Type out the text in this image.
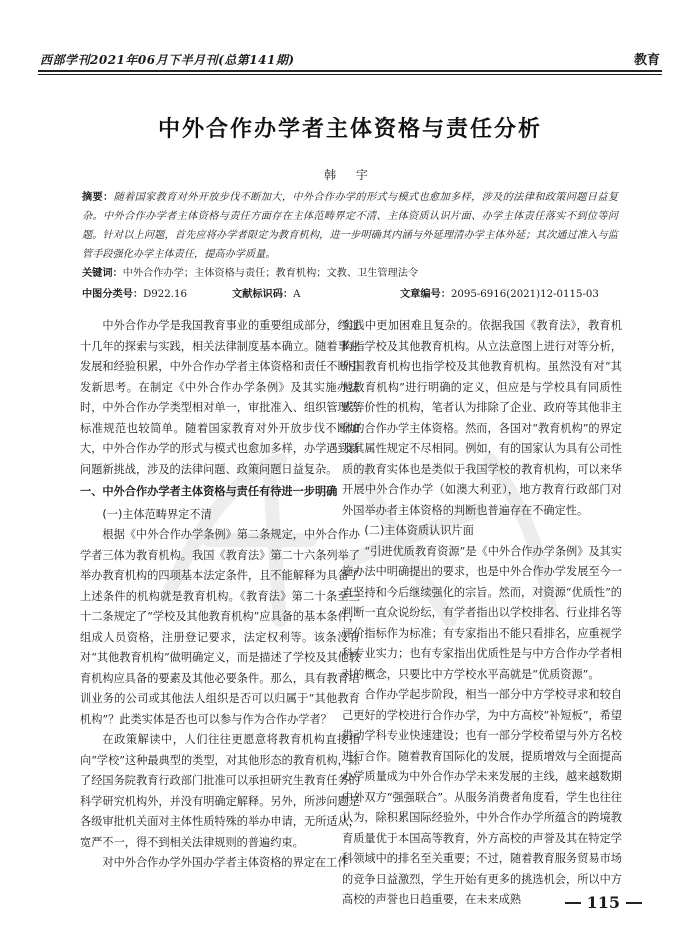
西部学刊2021年06月下半月刊(总第141期)	教育
中外合作办学者主体资格与责任分析
韩 宇
摘要：随着国家教育对外开放步伐不断加大，中外合作办学的形式与模式也愈加多样，涉及的法律和政策问题日益复杂。中外合作办学者主体资格与责任方面存在主体范畴界定不清、主体资质认识片面、办学主体责任落实不到位等问题。针对以上问题，首先应将办学者限定为教育机构，进一步明确其内涵与外延理清办学主体外延；其次通过准入与监管手段强化办学主体责任，提高办学质量。
关键词：中外合作办学；主体资格与责任；教育机构；文教、卫生管理法令
中图分类号：D922.16	文献标识码：A	文章编号：2095-6916(2021)12-0115-03

中外合作办学是我国教育事业的重要组成部分，经过十几年的探索与实践，相关法律制度基本确立。随着事业发展和经验积累，中外合作办学者主体资格和责任不断引发新思考。在制定《中外合作办学条例》及其实施办法时，中外合作办学类型相对单一，审批准入、组织管理等标准规范也较简单。随着国家教育对外开放步伐不断加大，中外合作办学的形式与模式也愈加多样，办学遇到新问题新挑战，涉及的法律问题、政策问题日益复杂。

一、中外合作办学者主体资格与责任有待进一步明确
(一)主体范畴界定不清

根据《中外合作办学条例》第二条规定，中外合作办学者三体为教育机构。我国《教育法》第二十六条列举了举办教育机构的四项基本法定条件，且不能解释为具备了上述条件的机构就是教育机构。《教育法》第二十条至三十二条规定了“学校及其他教育机构”应具备的基本条件，组成人员资格，注册登记要求，法定权利等。该条没有对“其他教育机构”做明确定义，而是描述了学校及其他教育机构应具备的要素及其他必要条件。那么，具有教育培训业务的公司或其他法人组织是否可以归属于“其他教育机构”？此类实体是否也可以参与作为合作办学者？

在政策解读中，人们往往更愿意将教育机构直接指向“学校”这种最典型的类型，对其他形态的教育机构，除了经国务院教育行政部门批准可以承担研究生教育任务的科学研究机构外，并没有明确定解释。另外，所涉问题是各级审批机关面对主体性质特殊的举办申请，无所适从，宽严不一，得不到相关法律规则的普遍约束。

对中外合作办学外国办学者主体资格的界定在工作

实践中更加困难且复杂的。依据我国《教育法》，教育机构指学校及其他教育机构。从立法意图上进行对等分析，外国教育机构也指学校及其他教育机构。虽然没有对“其他教育机构”进行明确的定义，但应是与学校具有同质性或等价性的机构，笔者认为排除了企业、政府等其他非主体的合作办学主体资格。然而，各国对“教育机构”的界定及其属性规定不尽相同。例如，有的国家认为具有公司性质的教育实体也是类似于我国学校的教育机构，可以来华开展中外合作办学（如澳大利亚），地方教育行政部门对外国举办者主体资格的判断也普遍存在不确定性。

(二)主体资质认识片面

“引进优质教育资源”是《中外合作办学条例》及其实施办法中明确提出的要求，也是中外合作办学发展至今一直坚持和今后继续强化的宗旨。然而，对资源“优质性”的判断一直众说纷纭，有学者指出以学校排名、行业排名等评价指标作为标准；有专家指出不能只看排名，应重视学科专业实力；也有专家指出优质性是与中方合作办学者相对的概念，只要比中方学校水平高就是“优质资源”。

合作办学起步阶段，相当一部分中方学校寻求和较自己更好的学校进行合作办学，为中方高校“补短板”，希望带动学科专业快速建设；也有一部分学校希望与外方名校进行合作。随着教育国际化的发展，提质增效与全面提高办学质量成为中外合作办学未来发展的主线，越来越数期中外双方“强强联合”。从服务消费者角度看，学生也往往认为，除积累国际经验外，中外合作办学所蕴含的跨境教育质量优于本国高等教育，外方高校的声誉及其在特定学科领域中的排名至关重要；不过，随着教育服务贸易市场的竞争日益激烈，学生开始有更多的挑选机会，所以中方高校的声誉也日趋重要，在未来成熟	115
